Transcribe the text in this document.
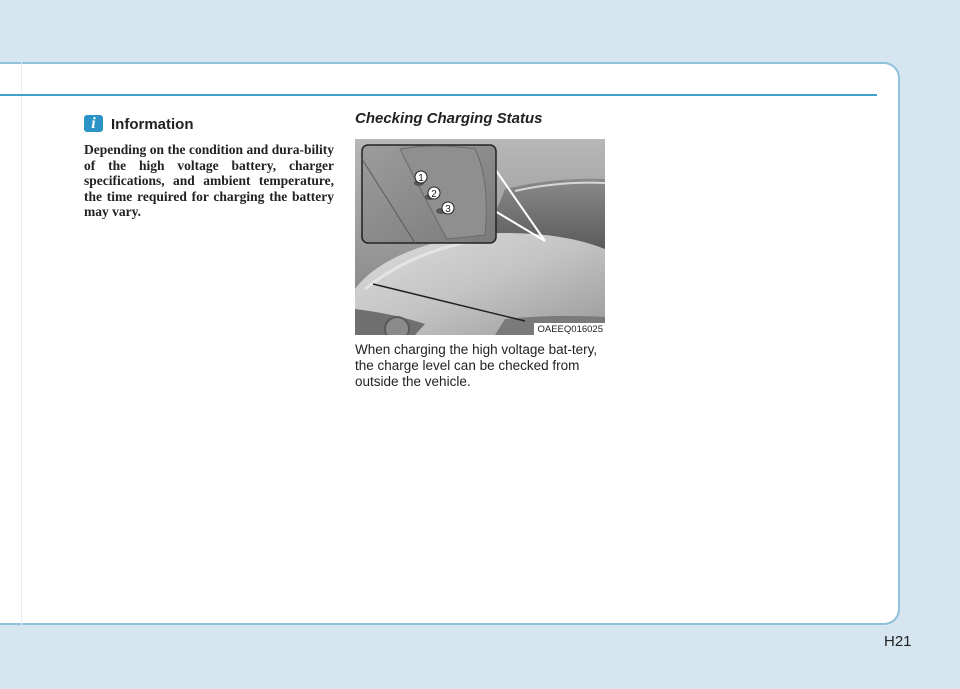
i	Information
Depending on the condition and dura-bility of the high voltage battery, charger specifications, and ambient temperature, the time required for charging the battery may vary.
Checking Charging Status
1
2
3
OAEEQ016025
When charging the high voltage bat-tery, the charge level can be checked from outside the vehicle.
H21
